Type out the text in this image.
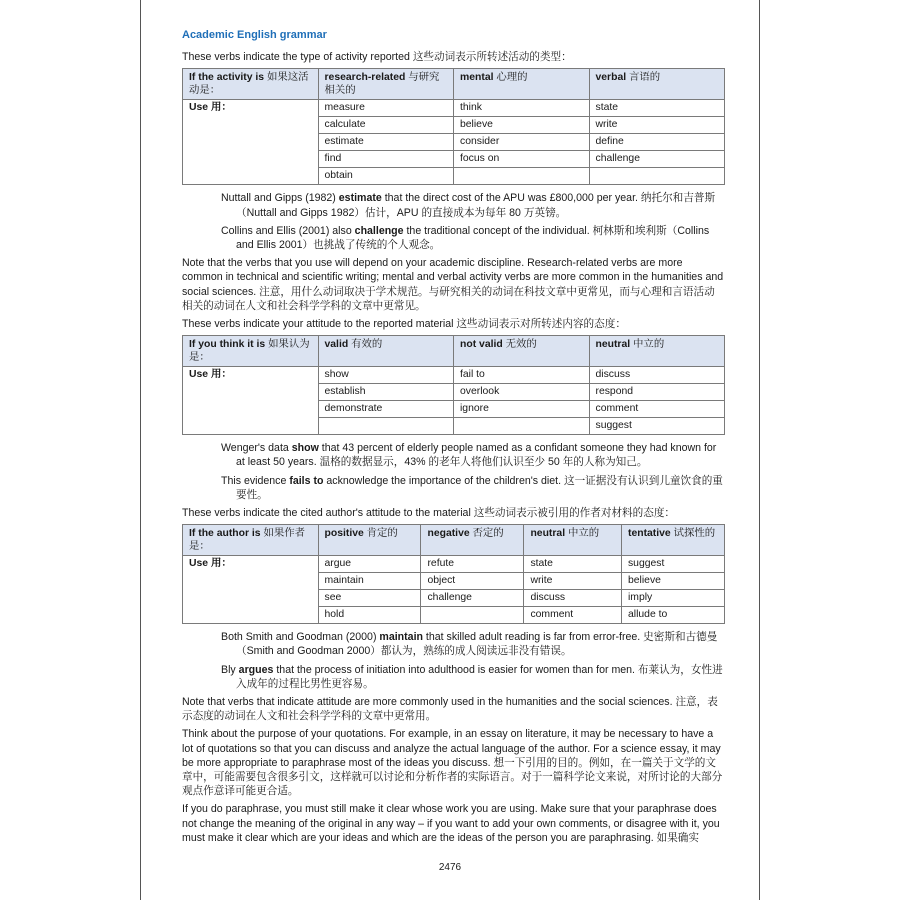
Academic English grammar

These verbs indicate the type of activity reported 这些动词表示所转述活动的类型：

If the activity is 如果这活动是：	research-related 与研究相关的	mental 心理的	verbal 言语的
Use 用：	measure	think	state
	calculate	believe	write
	estimate	consider	define
	find	focus on	challenge
	obtain		

Nuttall and Gipps (1982) estimate that the direct cost of the APU was £800,000 per year. 纳托尔和吉普斯（Nuttall and Gipps 1982）估计，APU 的直接成本为每年 80 万英镑。

Collins and Ellis (2001) also challenge the traditional concept of the individual. 柯林斯和埃利斯（Collins and Ellis 2001）也挑战了传统的个人观念。

Note that the verbs that you use will depend on your academic discipline. Research-related verbs are more common in technical and scientific writing; mental and verbal activity verbs are more common in the humanities and social sciences. 注意，用什么动词取决于学术规范。与研究相关的动词在科技文章中更常见，而与心理和言语活动相关的动词在人文和社会科学学科的文章中更常见。

These verbs indicate your attitude to the reported material 这些动词表示对所转述内容的态度：

If you think it is 如果认为是：	valid 有效的	not valid 无效的	neutral 中立的
Use 用：	show	fail to	discuss
	establish	overlook	respond
	demonstrate	ignore	comment
			suggest

Wenger's data show that 43 percent of elderly people named as a confidant someone they had known for at least 50 years. 温格的数据显示，43% 的老年人将他们认识至少 50 年的人称为知己。

This evidence fails to acknowledge the importance of the children's diet. 这一证据没有认识到儿童饮食的重要性。

These verbs indicate the cited author's attitude to the material 这些动词表示被引用的作者对材料的态度：

If the author is 如果作者是：	positive 肯定的	negative 否定的	neutral 中立的	tentative 试探性的
Use 用：	argue	refute	state	suggest
	maintain	object	write	believe
	see	challenge	discuss	imply
	hold		comment	allude to

Both Smith and Goodman (2000) maintain that skilled adult reading is far from error-free. 史密斯和古德曼（Smith and Goodman 2000）都认为，熟练的成人阅读远非没有错误。

Bly argues that the process of initiation into adulthood is easier for women than for men. 布莱认为，女性进入成年的过程比男性更容易。

Note that verbs that indicate attitude are more commonly used in the humanities and the social sciences. 注意，表示态度的动词在人文和社会科学学科的文章中更常用。

Think about the purpose of your quotations. For example, in an essay on literature, it may be necessary to have a lot of quotations so that you can discuss and analyze the actual language of the author. For a science essay, it may be more appropriate to paraphrase most of the ideas you discuss. 想一下引用的目的。例如，在一篇关于文学的文章中，可能需要包含很多引文，这样就可以讨论和分析作者的实际语言。对于一篇科学论文来说，对所讨论的大部分观点作意译可能更合适。

If you do paraphrase, you must still make it clear whose work you are using. Make sure that your paraphrase does not change the meaning of the original in any way – if you want to add your own comments, or disagree with it, you must make it clear which are your ideas and which are the ideas of the person you are paraphrasing. 如果确实

2476
